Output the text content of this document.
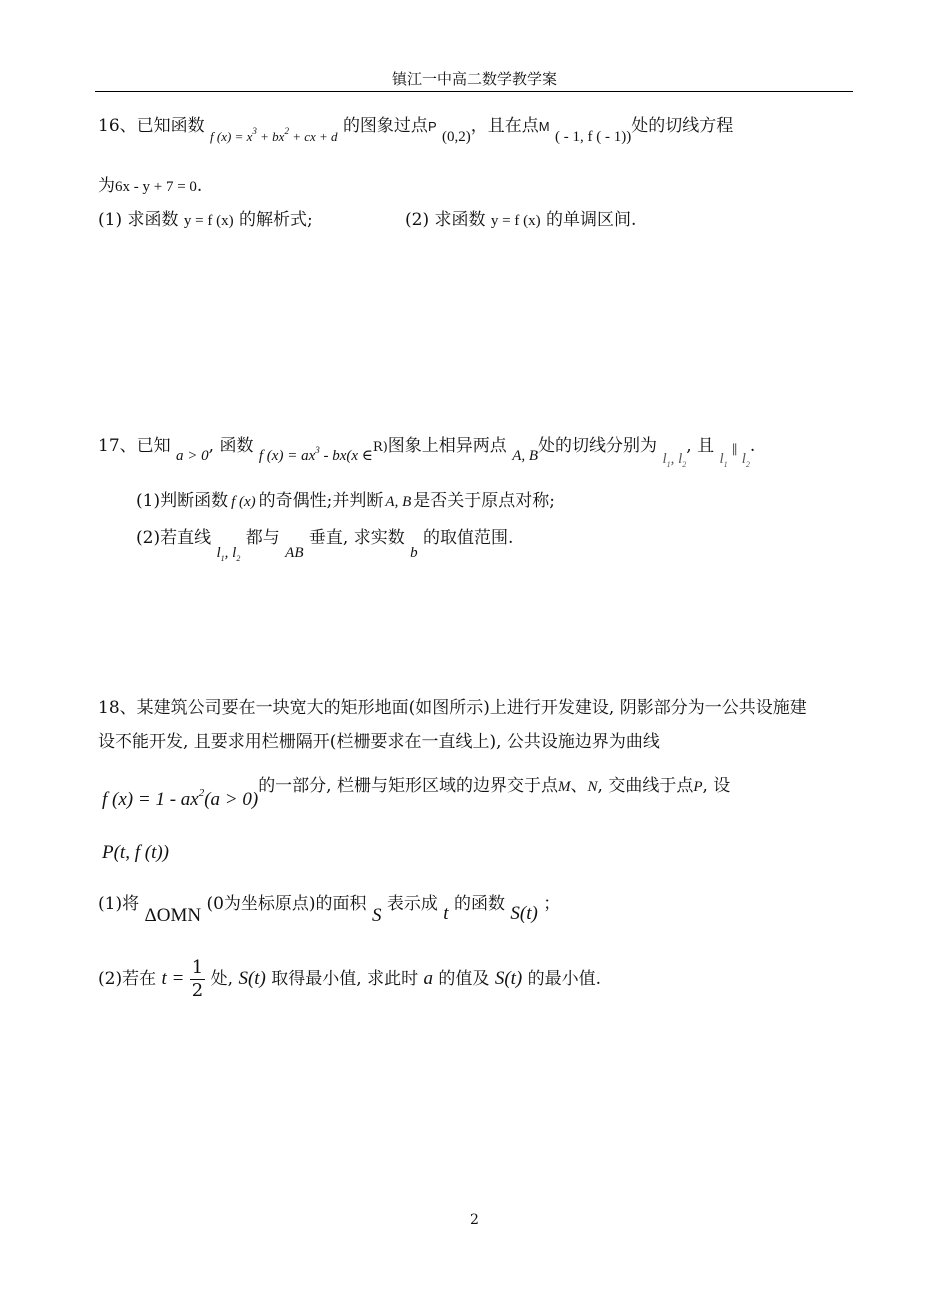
镇江一中高二数学教学案
16、已知函数 $_{f (x) = x^3 + bx^2 + cx + d}$ 的图象过点P (0,2)，且在点M ( - 1, f ( - 1))处的切线方程
为6x - y + 7 = 0.
(1) 求函数 y = f (x) 的解析式;	(2) 求函数 y = f (x) 的单调区间.
17、已知 a > 0, 函数 f $(x) = ax^3 - bx(x$ ∈R)图象上相异两点 A, B处的切线分别为 $l_1$, $l_2$, 且 $l_1\parallel l_2$.
(1)判断函数 f (x) 的奇偶性;并判断 A, B 是否关于原点对称;
(2)若直线 $l_1$, $l_2$ 都与 AB 垂直, 求实数 b 的取值范围.
18、某建筑公司要在一块宽大的矩形地面(如图所示)上进行开发建设, 阴影部分为一公共设施建
设不能开发, 且要求用栏栅隔开(栏栅要求在一直线上), 公共设施边界为曲线
f $(x) = 1 - ax^2(a > 0)$的一部分, 栏栅与矩形区域的边界交于点M、N, 交曲线于点P, 设
P(t, f (t))
(1)将 ΔOMN (0为坐标原点)的面积 S 表示成 t 的函数 S(t) ；
(2)若在 $t = \frac{1}{2}$ 处, S(t) 取得最小值, 求此时 a 的值及 S(t) 的最小值.
2
